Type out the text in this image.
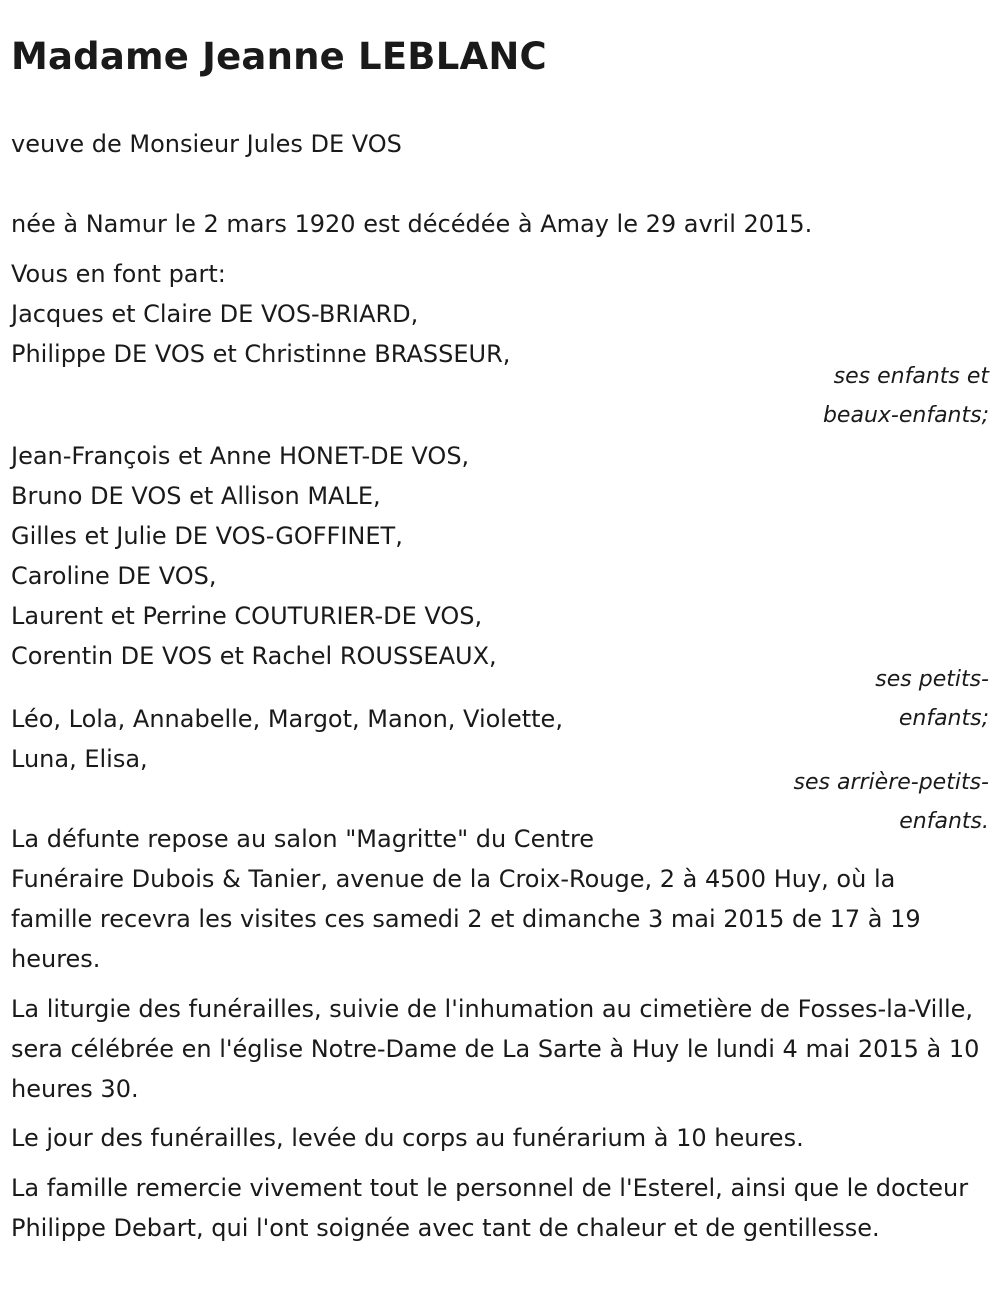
Madame Jeanne LEBLANC

veuve de Monsieur Jules DE VOS

née à Namur le 2 mars 1920 est décédée à Amay le 29 avril 2015.

Vous en font part:

Jacques et Claire DE VOS-BRIARD,

Philippe DE VOS et Christinne BRASSEUR,

ses enfants et beaux-enfants;

Jean-François et Anne HONET-DE VOS,

Bruno DE VOS et Allison MALE,

Gilles et Julie DE VOS-GOFFINET,

Caroline DE VOS,

Laurent et Perrine COUTURIER-DE VOS,

Corentin DE VOS et Rachel ROUSSEAUX,

ses petits-enfants;

Léo, Lola, Annabelle, Margot, Manon, Violette,

Luna, Elisa,

ses arrière-petits-enfants.

La défunte repose au salon "Magritte" du Centre
Funéraire Dubois & Tanier, avenue de la Croix-Rouge, 2 à 4500 Huy, où la
famille recevra les visites ces samedi 2 et dimanche 3 mai 2015 de 17 à 19
heures.

La liturgie des funérailles, suivie de l'inhumation au cimetière de Fosses-la-Ville, sera célébrée en l'église Notre-Dame de La Sarte à Huy le lundi 4 mai 2015 à 10 heures 30.

Le jour des funérailles, levée du corps au funérarium à 10 heures.

La famille remercie vivement tout le personnel de l'Esterel, ainsi que le docteur Philippe Debart, qui l'ont soignée avec tant de chaleur et de gentillesse.
